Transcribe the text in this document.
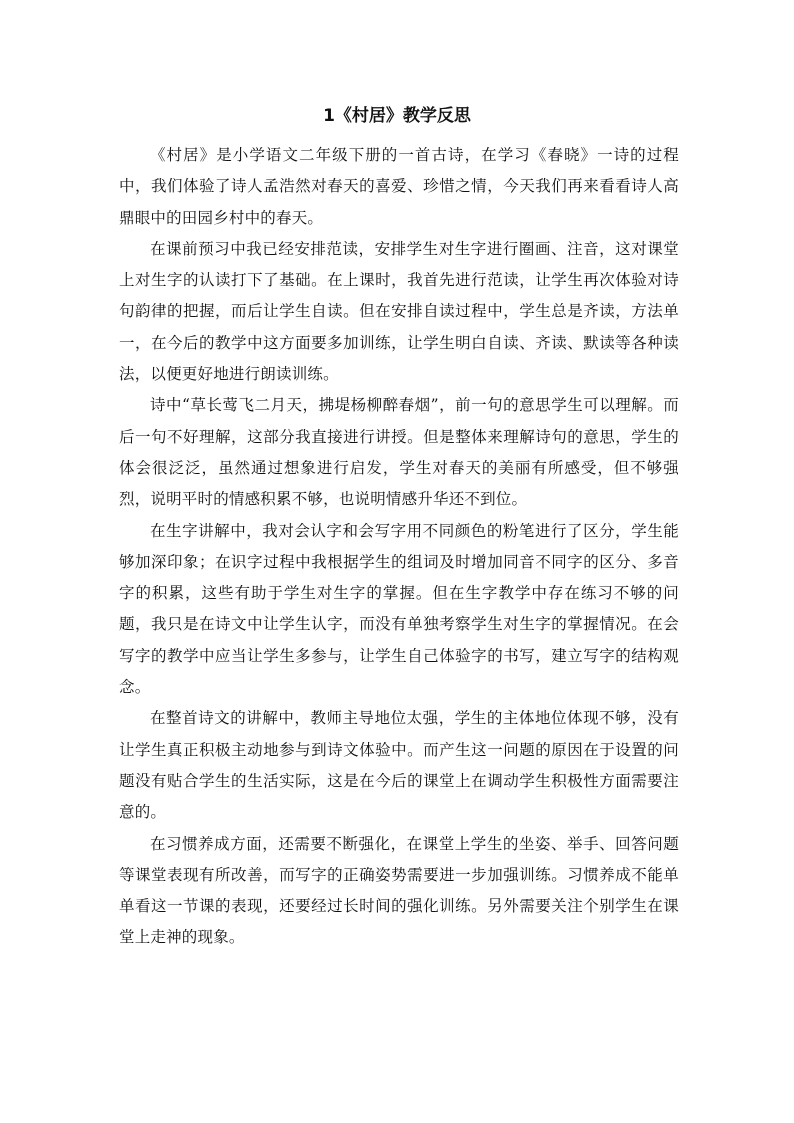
1《村居》教学反思

《村居》是小学语文二年级下册的一首古诗，在学习《春晓》一诗的过程中，我们体验了诗人孟浩然对春天的喜爱、珍惜之情，今天我们再来看看诗人高鼎眼中的田园乡村中的春天。

在课前预习中我已经安排范读，安排学生对生字进行圈画、注音，这对课堂上对生字的认读打下了基础。在上课时，我首先进行范读，让学生再次体验对诗句韵律的把握，而后让学生自读。但在安排自读过程中，学生总是齐读，方法单一，在今后的教学中这方面要多加训练，让学生明白自读、齐读、默读等各种读法，以便更好地进行朗读训练。

诗中“草长莺飞二月天，拂堤杨柳醉春烟”，前一句的意思学生可以理解。而后一句不好理解，这部分我直接进行讲授。但是整体来理解诗句的意思，学生的体会很泛泛，虽然通过想象进行启发，学生对春天的美丽有所感受，但不够强烈，说明平时的情感积累不够，也说明情感升华还不到位。

在生字讲解中，我对会认字和会写字用不同颜色的粉笔进行了区分，学生能够加深印象；在识字过程中我根据学生的组词及时增加同音不同字的区分、多音字的积累，这些有助于学生对生字的掌握。但在生字教学中存在练习不够的问题，我只是在诗文中让学生认字，而没有单独考察学生对生字的掌握情况。在会写字的教学中应当让学生多参与，让学生自己体验字的书写，建立写字的结构观念。

在整首诗文的讲解中，教师主导地位太强，学生的主体地位体现不够，没有让学生真正积极主动地参与到诗文体验中。而产生这一问题的原因在于设置的问题没有贴合学生的生活实际，这是在今后的课堂上在调动学生积极性方面需要注意的。

在习惯养成方面，还需要不断强化，在课堂上学生的坐姿、举手、回答问题等课堂表现有所改善，而写字的正确姿势需要进一步加强训练。习惯养成不能单单看这一节课的表现，还要经过长时间的强化训练。另外需要关注个别学生在课堂上走神的现象。
